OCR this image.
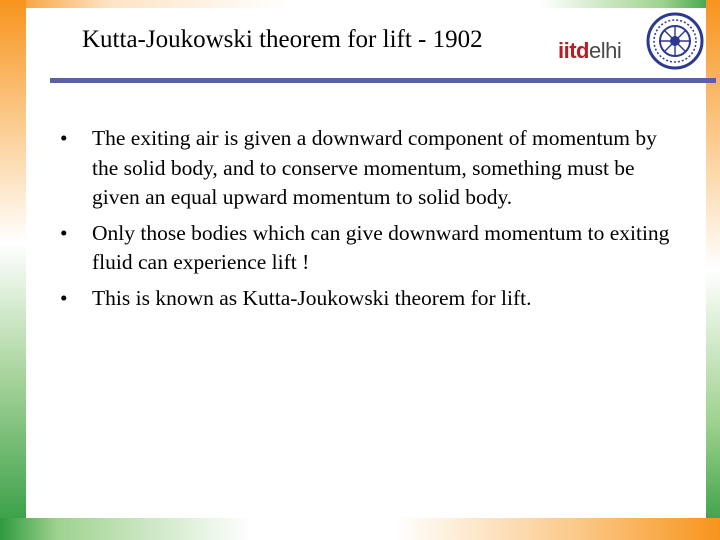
Kutta-Joukowski theorem for lift - 1902	iitdelhi
•	The exiting air is given a downward component of momentum by the solid body, and to conserve momentum, something must be given an equal upward momentum to solid body.
•	Only those bodies which can give downward momentum to exiting fluid can experience lift !
•	This is known as Kutta-Joukowski theorem for lift.
